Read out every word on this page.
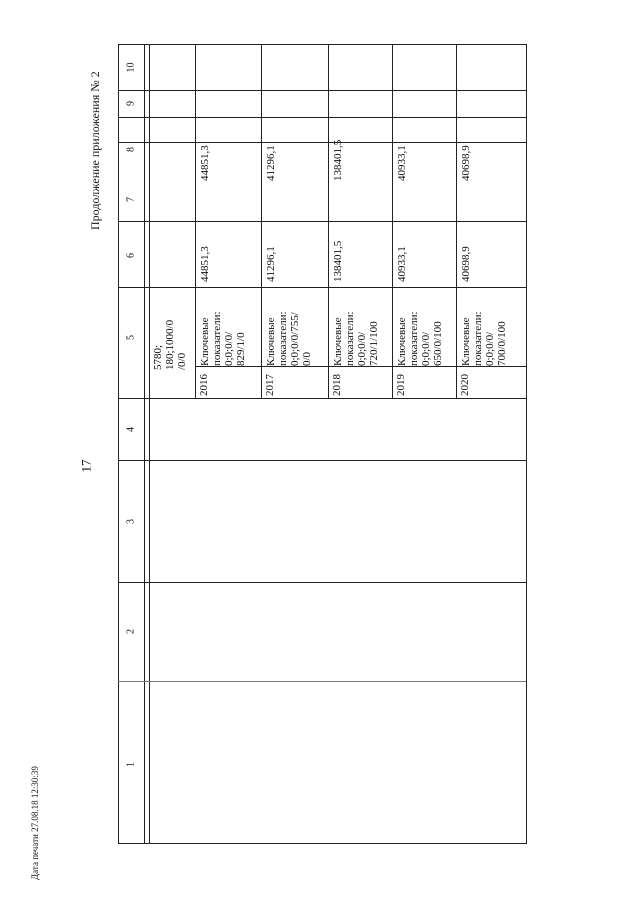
17
Продолжение приложения № 2
Дата печати 27.08.18 12:30:39
10
9
8
7
6
5
4
3
2
1
5780; 180;1000/0 /0/0
2016
Ключевые показатели: 0;0;0/0/ 829/1/0
44851,3
44851,3
2017
Ключевые показатели: 0;0;0/0/755/ 0/0
41296,1
41296,1
2018
Ключевые показатели: 0;0;0/0/ 720/1/100
138401,5
138401,5
2019
Ключевые показатели: 0;0;0/0/ 650/0/100
40933,1
40933,1
2020
Ключевые показатели: 0;0;0/0/ 700/0/100
40698,9
40698,9
